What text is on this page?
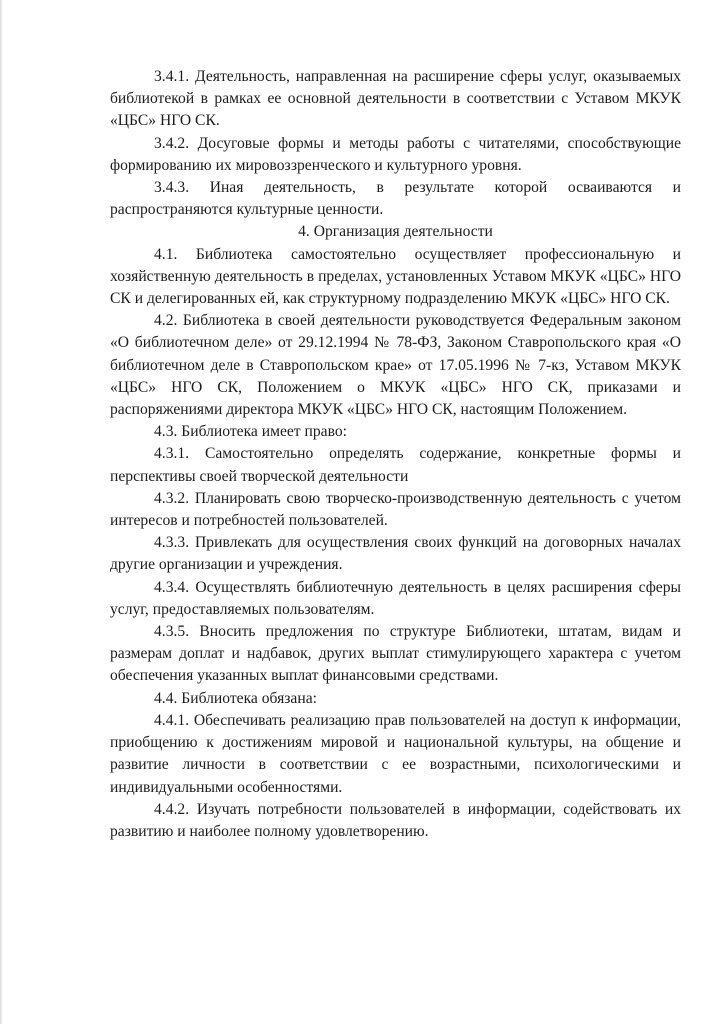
3.4.1. Деятельность, направленная на расширение сферы услуг, оказываемых библиотекой в рамках ее основной деятельности в соответствии с Уставом МКУК «ЦБС» НГО СК.

3.4.2. Досуговые формы и методы работы с читателями, способствующие формированию их мировоззренческого и культурного уровня.

3.4.3. Иная деятельность, в результате которой осваиваются и распространяются культурные ценности.

4. Организация деятельности

4.1. Библиотека самостоятельно осуществляет профессиональную и хозяйственную деятельность в пределах, установленных Уставом МКУК «ЦБС» НГО СК и делегированных ей, как структурному подразделению МКУК «ЦБС» НГО СК.

4.2. Библиотека в своей деятельности руководствуется Федеральным законом «О библиотечном деле» от 29.12.1994 № 78-ФЗ, Законом Ставропольского края «О библиотечном деле в Ставропольском крае» от 17.05.1996 № 7-кз, Уставом МКУК «ЦБС» НГО СК, Положением о МКУК «ЦБС» НГО СК, приказами и распоряжениями директора МКУК «ЦБС» НГО СК, настоящим Положением.

4.3. Библиотека имеет право:

4.3.1. Самостоятельно определять содержание, конкретные формы и перспективы своей творческой деятельности

4.3.2. Планировать свою творческо-производственную деятельность с учетом интересов и потребностей пользователей.

4.3.3. Привлекать для осуществления своих функций на договорных началах другие организации и учреждения.

4.3.4. Осуществлять библиотечную деятельность в целях расширения сферы услуг, предоставляемых пользователям.

4.3.5. Вносить предложения по структуре Библиотеки, штатам, видам и размерам доплат и надбавок, других выплат стимулирующего характера с учетом обеспечения указанных выплат финансовыми средствами.

4.4. Библиотека обязана:

4.4.1. Обеспечивать реализацию прав пользователей на доступ к информации, приобщению к достижениям мировой и национальной культуры, на общение и развитие личности в соответствии с ее возрастными, психологическими и индивидуальными особенностями.

4.4.2. Изучать потребности пользователей в информации, содействовать их развитию и наиболее полному удовлетворению.
